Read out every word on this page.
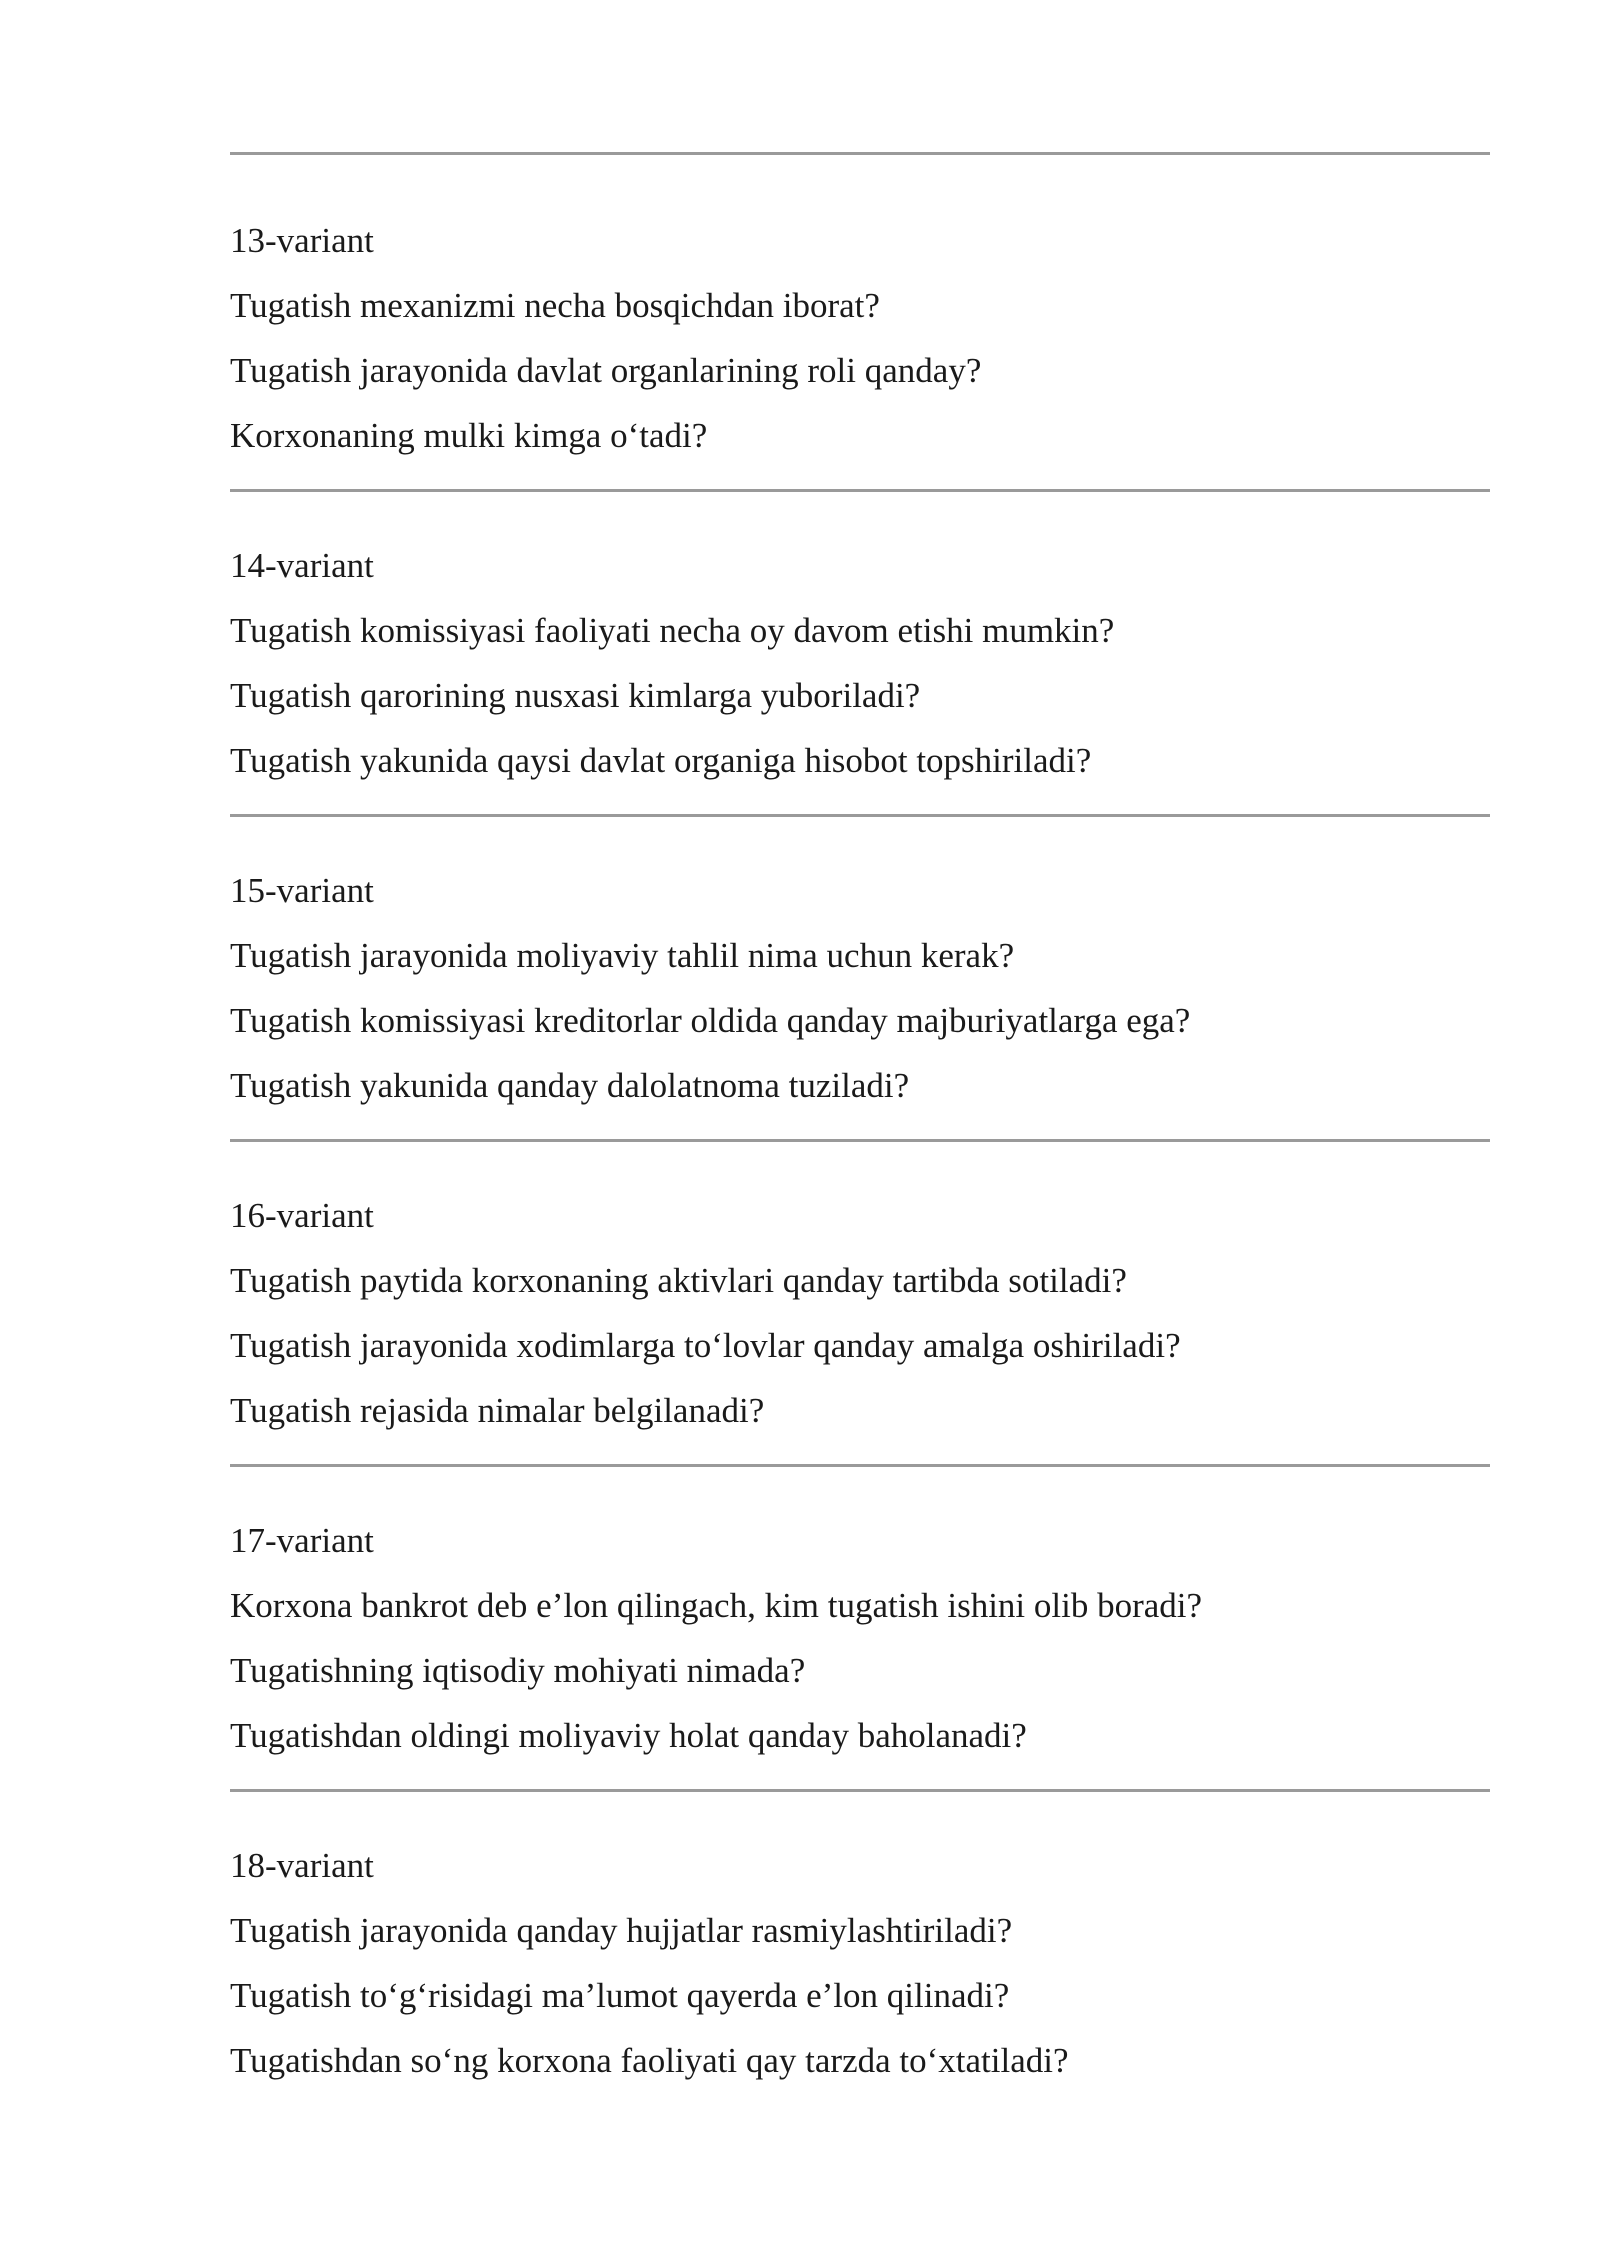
13-variant
Tugatish mexanizmi necha bosqichdan iborat?
Tugatish jarayonida davlat organlarining roli qanday?
Korxonaning mulki kimga o‘tadi?
14-variant
Tugatish komissiyasi faoliyati necha oy davom etishi mumkin?
Tugatish qarorining nusxasi kimlarga yuboriladi?
Tugatish yakunida qaysi davlat organiga hisobot topshiriladi?
15-variant
Tugatish jarayonida moliyaviy tahlil nima uchun kerak?
Tugatish komissiyasi kreditorlar oldida qanday majburiyatlarga ega?
Tugatish yakunida qanday dalolatnoma tuziladi?
16-variant
Tugatish paytida korxonaning aktivlari qanday tartibda sotiladi?
Tugatish jarayonida xodimlarga to‘lovlar qanday amalga oshiriladi?
Tugatish rejasida nimalar belgilanadi?
17-variant
Korxona bankrot deb e’lon qilingach, kim tugatish ishini olib boradi?
Tugatishning iqtisodiy mohiyati nimada?
Tugatishdan oldingi moliyaviy holat qanday baholanadi?
18-variant
Tugatish jarayonida qanday hujjatlar rasmiylashtiriladi?
Tugatish to‘g‘risidagi ma’lumot qayerda e’lon qilinadi?
Tugatishdan so‘ng korxona faoliyati qay tarzda to‘xtatiladi?
